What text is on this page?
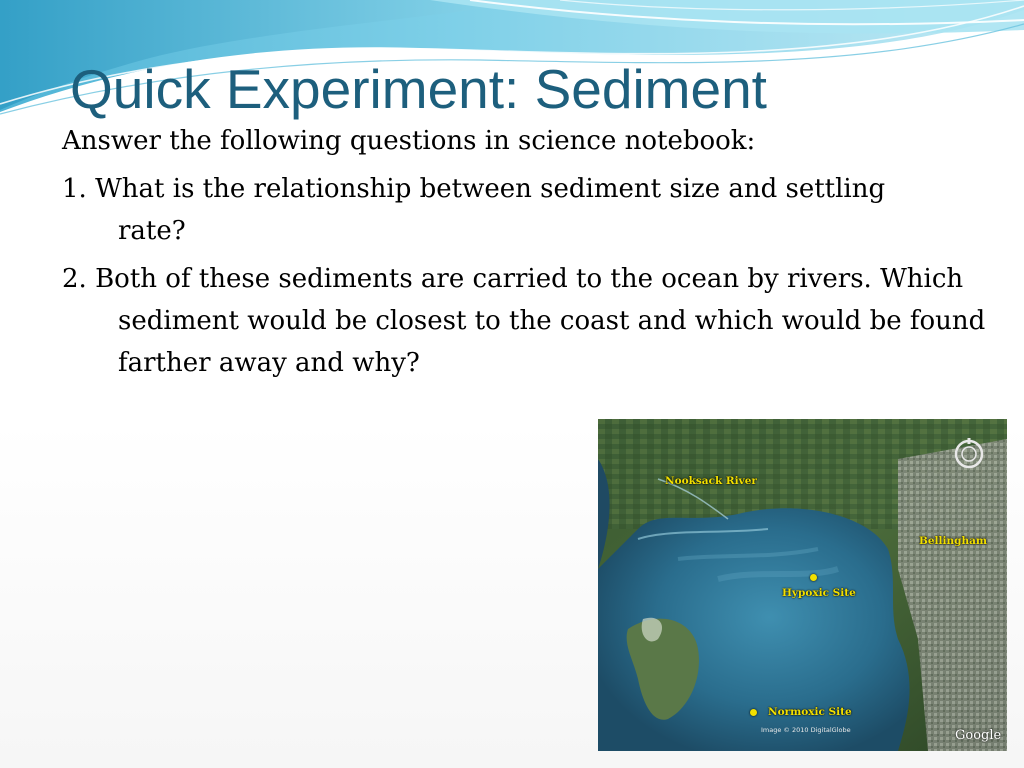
Quick Experiment: Sediment

Answer the following questions in science notebook:

1. What is the relationship between sediment size and settling rate?

2. Both of these sediments are carried to the ocean by rivers. Which sediment would be closest to the coast and which would be found farther away and why?

Nooksack River
Bellingham
Hypoxic Site
Normoxic Site
Image © 2010 DigitalGlobe	Google
